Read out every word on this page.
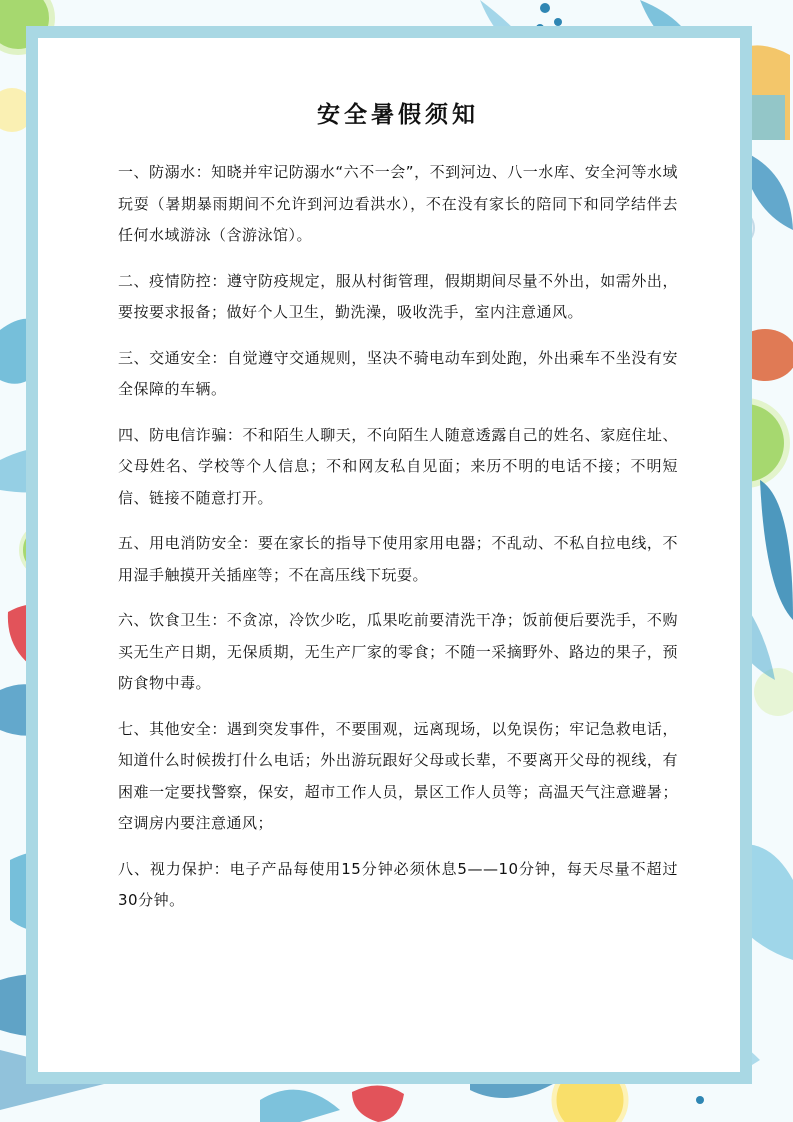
安全暑假须知

一、防溺水：知晓并牢记防溺水“六不一会”，不到河边、八一水库、安全河等水域玩耍（暑期暴雨期间不允许到河边看洪水），不在没有家长的陪同下和同学结伴去任何水域游泳（含游泳馆）。

二、疫情防控：遵守防疫规定，服从村街管理，假期期间尽量不外出，如需外出，要按要求报备；做好个人卫生，勤洗澡，吸收洗手，室内注意通风。

三、交通安全：自觉遵守交通规则，坚决不骑电动车到处跑，外出乘车不坐没有安全保障的车辆。

四、防电信诈骗：不和陌生人聊天，不向陌生人随意透露自己的姓名、家庭住址、父母姓名、学校等个人信息；不和网友私自见面；来历不明的电话不接；不明短信、链接不随意打开。

五、用电消防安全：要在家长的指导下使用家用电器；不乱动、不私自拉电线，不用湿手触摸开关插座等；不在高压线下玩耍。

六、饮食卫生：不贪凉，冷饮少吃，瓜果吃前要清洗干净；饭前便后要洗手，不购买无生产日期，无保质期，无生产厂家的零食；不随一采摘野外、路边的果子，预防食物中毒。

七、其他安全：遇到突发事件，不要围观，远离现场，以免误伤；牢记急救电话，知道什么时候拨打什么电话；外出游玩跟好父母或长辈，不要离开父母的视线，有困难一定要找警察，保安，超市工作人员，景区工作人员等；高温天气注意避暑；空调房内要注意通风；

八、视力保护：电子产品每使用15分钟必须休息5——10分钟，每天尽量不超过30分钟。
